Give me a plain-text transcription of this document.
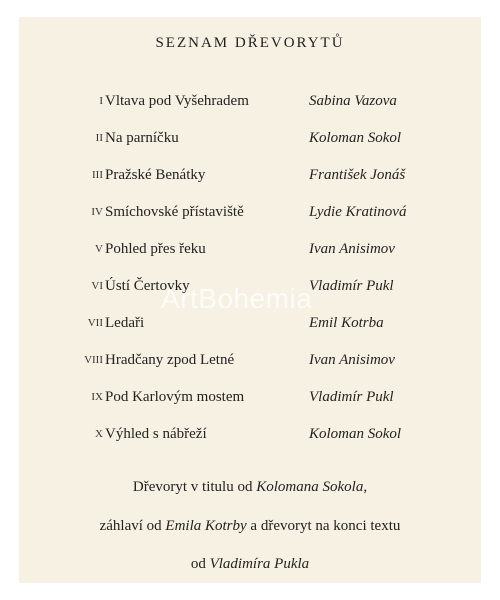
SEZNAM DŘEVORYTŮ
I Vltava pod Vyšehradem	Sabina Vazova
II Na parníčku	Koloman Sokol
III Pražské Benátky	František Jonáš
IV Smíchovské přístaviště	Lydie Kratinová
V Pohled přes řeku	Ivan Anisimov
VI Ústí Čertovky	Vladimír Pukl
VII Ledaři	Emil Kotrba
VIII Hradčany zpod Letné	Ivan Anisimov
IX Pod Karlovým mostem	Vladimír Pukl
X Výhled s nábřeží	Koloman Sokol
Dřevoryt v titulu od Kolomana Sokola,
záhlaví od Emila Kotrby a dřevoryt na konci textu
od Vladimíra Pukla
ArtBohemia
